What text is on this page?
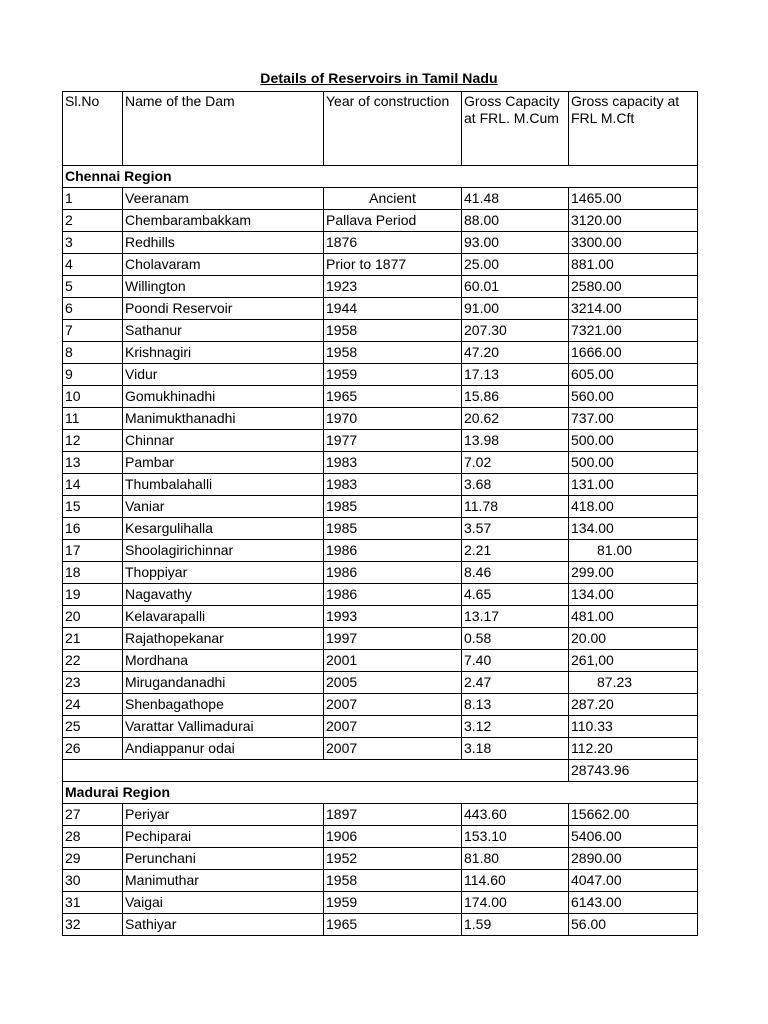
Details of Reservoirs in Tamil Nadu
Sl.No	Name of the Dam	Year of construction	Gross Capacity at FRL. M.Cum	Gross capacity at FRL M.Cft
Chennai Region				
1	Veeranam	Ancient	41.48	1465.00
2	Chembarambakkam	Pallava Period	88.00	3120.00
3	Redhills	1876	93.00	3300.00
4	Cholavaram	Prior to 1877	25.00	881.00
5	Willington	1923	60.01	2580.00
6	Poondi Reservoir	1944	91.00	3214.00
7	Sathanur	1958	207.30	7321.00
8	Krishnagiri	1958	47.20	1666.00
9	Vidur	1959	17.13	605.00
10	Gomukhinadhi	1965	15.86	560.00
11	Manimukthanadhi	1970	20.62	737.00
12	Chinnar	1977	13.98	500.00
13	Pambar	1983	7.02	500.00
14	Thumbalahalli	1983	3.68	131.00
15	Vaniar	1985	11.78	418.00
16	Kesargulihalla	1985	3.57	134.00
17	Shoolagirichinnar	1986	2.21	81.00
18	Thoppiyar	1986	8.46	299.00
19	Nagavathy	1986	4.65	134.00
20	Kelavarapalli	1993	13.17	481.00
21	Rajathopekanar	1997	0.58	20.00
22	Mordhana	2001	7.40	261,00
23	Mirugandanadhi	2005	2.47	87.23
24	Shenbagathope	2007	8.13	287.20
25	Varattar Vallimadurai	2007	3.12	110.33
26	Andiappanur odai	2007	3.18	112.20
				28743.96
Madurai Region				
27	Periyar	1897	443.60	15662.00
28	Pechiparai	1906	153.10	5406.00
29	Perunchani	1952	81.80	2890.00
30	Manimuthar	1958	114.60	4047.00
31	Vaigai	1959	174.00	6143.00
32	Sathiyar	1965	1.59	56.00
